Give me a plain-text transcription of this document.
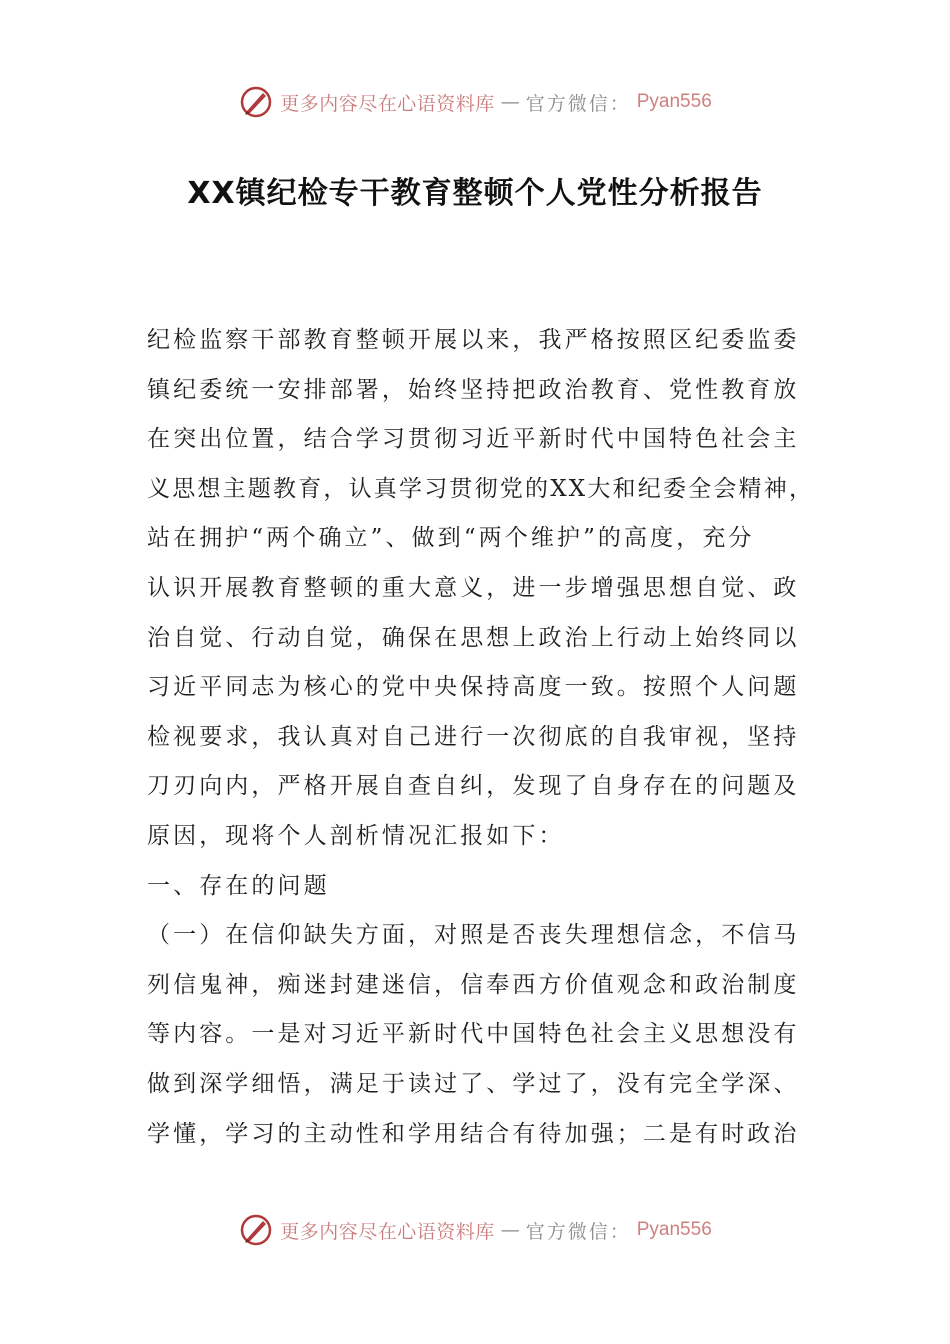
更多内容尽在心语资料库 — 官方微信： Pyan556
XX镇纪检专干教育整顿个人党性分析报告
纪检监察干部教育整顿开展以来，我严格按照区纪委监委
镇纪委统一安排部署，始终坚持把政治教育、党性教育放
在突出位置，结合学习贯彻习近平新时代中国特色社会主
义思想主题教育，认真学习贯彻党的XX大和纪委全会精神，
站在拥护“两个确立”、做到“两个维护”的高度，充分
认识开展教育整顿的重大意义，进一步增强思想自觉、政
治自觉、行动自觉，确保在思想上政治上行动上始终同以
习近平同志为核心的党中央保持高度一致。按照个人问题
检视要求，我认真对自己进行一次彻底的自我审视，坚持
刀刃向内，严格开展自查自纠，发现了自身存在的问题及
原因，现将个人剖析情况汇报如下：
一、存在的问题
（一）在信仰缺失方面，对照是否丧失理想信念，不信马
列信鬼神，痴迷封建迷信，信奉西方价值观念和政治制度
等内容。一是对习近平新时代中国特色社会主义思想没有
做到深学细悟，满足于读过了、学过了，没有完全学深、
学懂，学习的主动性和学用结合有待加强；二是有时政治
更多内容尽在心语资料库 — 官方微信： Pyan556
